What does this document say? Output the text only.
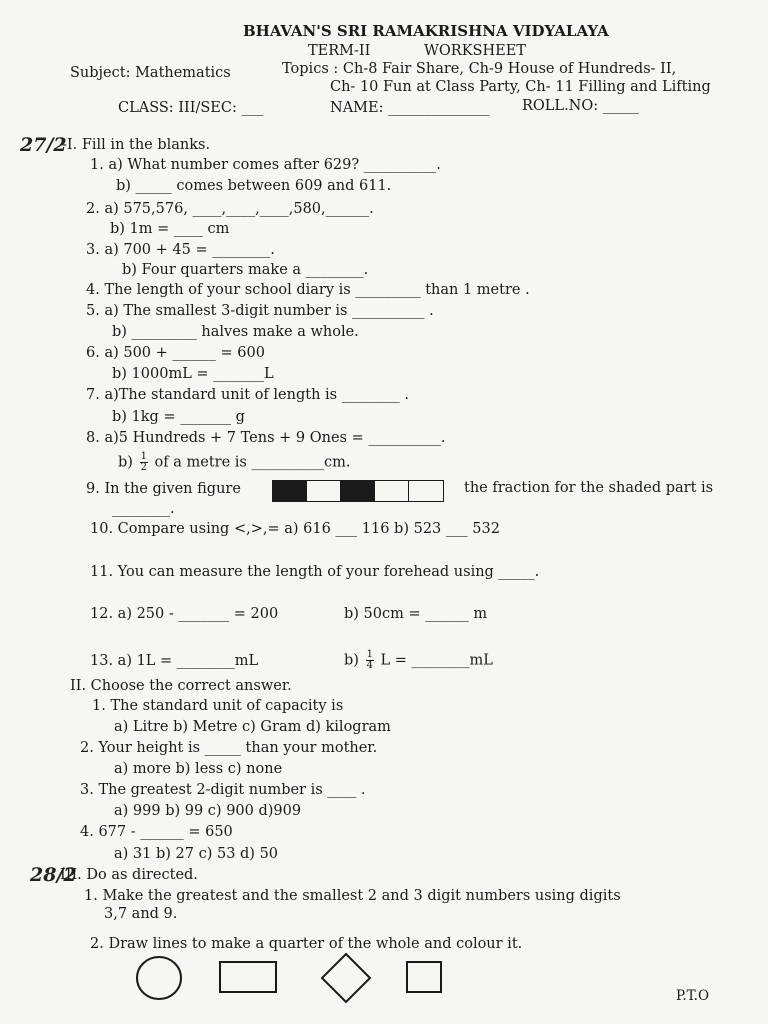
BHAVAN'S SRI RAMAKRISHNA VIDYALAYA
TERM-II	WORKSHEET
Subject: Mathematics	Topics : Ch-8 Fair Share, Ch-9 House of Hundreds- II,
Ch- 10 Fun at Class Party, Ch- 11 Filling and Lifting
CLASS: III/SEC: ___	NAME: ______________ ROLL.NO: _____
27/2
-I. Fill in the blanks.
1. a) What number comes after 629? __________.
b) _____ comes between 609 and 611.
2. a) 575,576, ____,____,____,580,______.
b) 1m = ____ cm
3. a) 700 + 45 = ________.
b) Four quarters make a ________.
4. The length of your school diary is _________ than 1 metre .
5. a) The smallest 3-digit number is __________ .
b) _________ halves make a whole.
6. a) 500 + ______ = 600
b) 1000mL = _______L
7. a)The standard unit of length is ________ .
b) 1kg = _______ g
8. a)5 Hundreds + 7 Tens + 9 Ones = __________.
$b) \frac{1}{2}$ of a metre is __________cm.
9. In the given figure	the fraction for the shaded part is
________.
10. Compare using <,>,= a) 616 ___ 116 b) 523 ___ 532
11. You can measure the length of your forehead using _____.
12. a) 250 - _______ = 200	b) 50cm = ______ m
13. a) 1L = ________mL	$b) \frac{1}{4}$ L = ________mL
II. Choose the correct answer.
1. The standard unit of capacity is
a) Litre b) Metre c) Gram d) kilogram
2. Your height is _____ than your mother.
a) more b) less c) none
3. The greatest 2-digit number is ____ .
a) 999 b) 99 c) 900 d)909
4. 677 - ______ = 650
a) 31 b) 27 c) 53 d) 50
28/2
III. Do as directed.
1. Make the greatest and the smallest 2 and 3 digit numbers using digits
3,7 and 9.
2. Draw lines to make a quarter of the whole and colour it.
P.T.O
